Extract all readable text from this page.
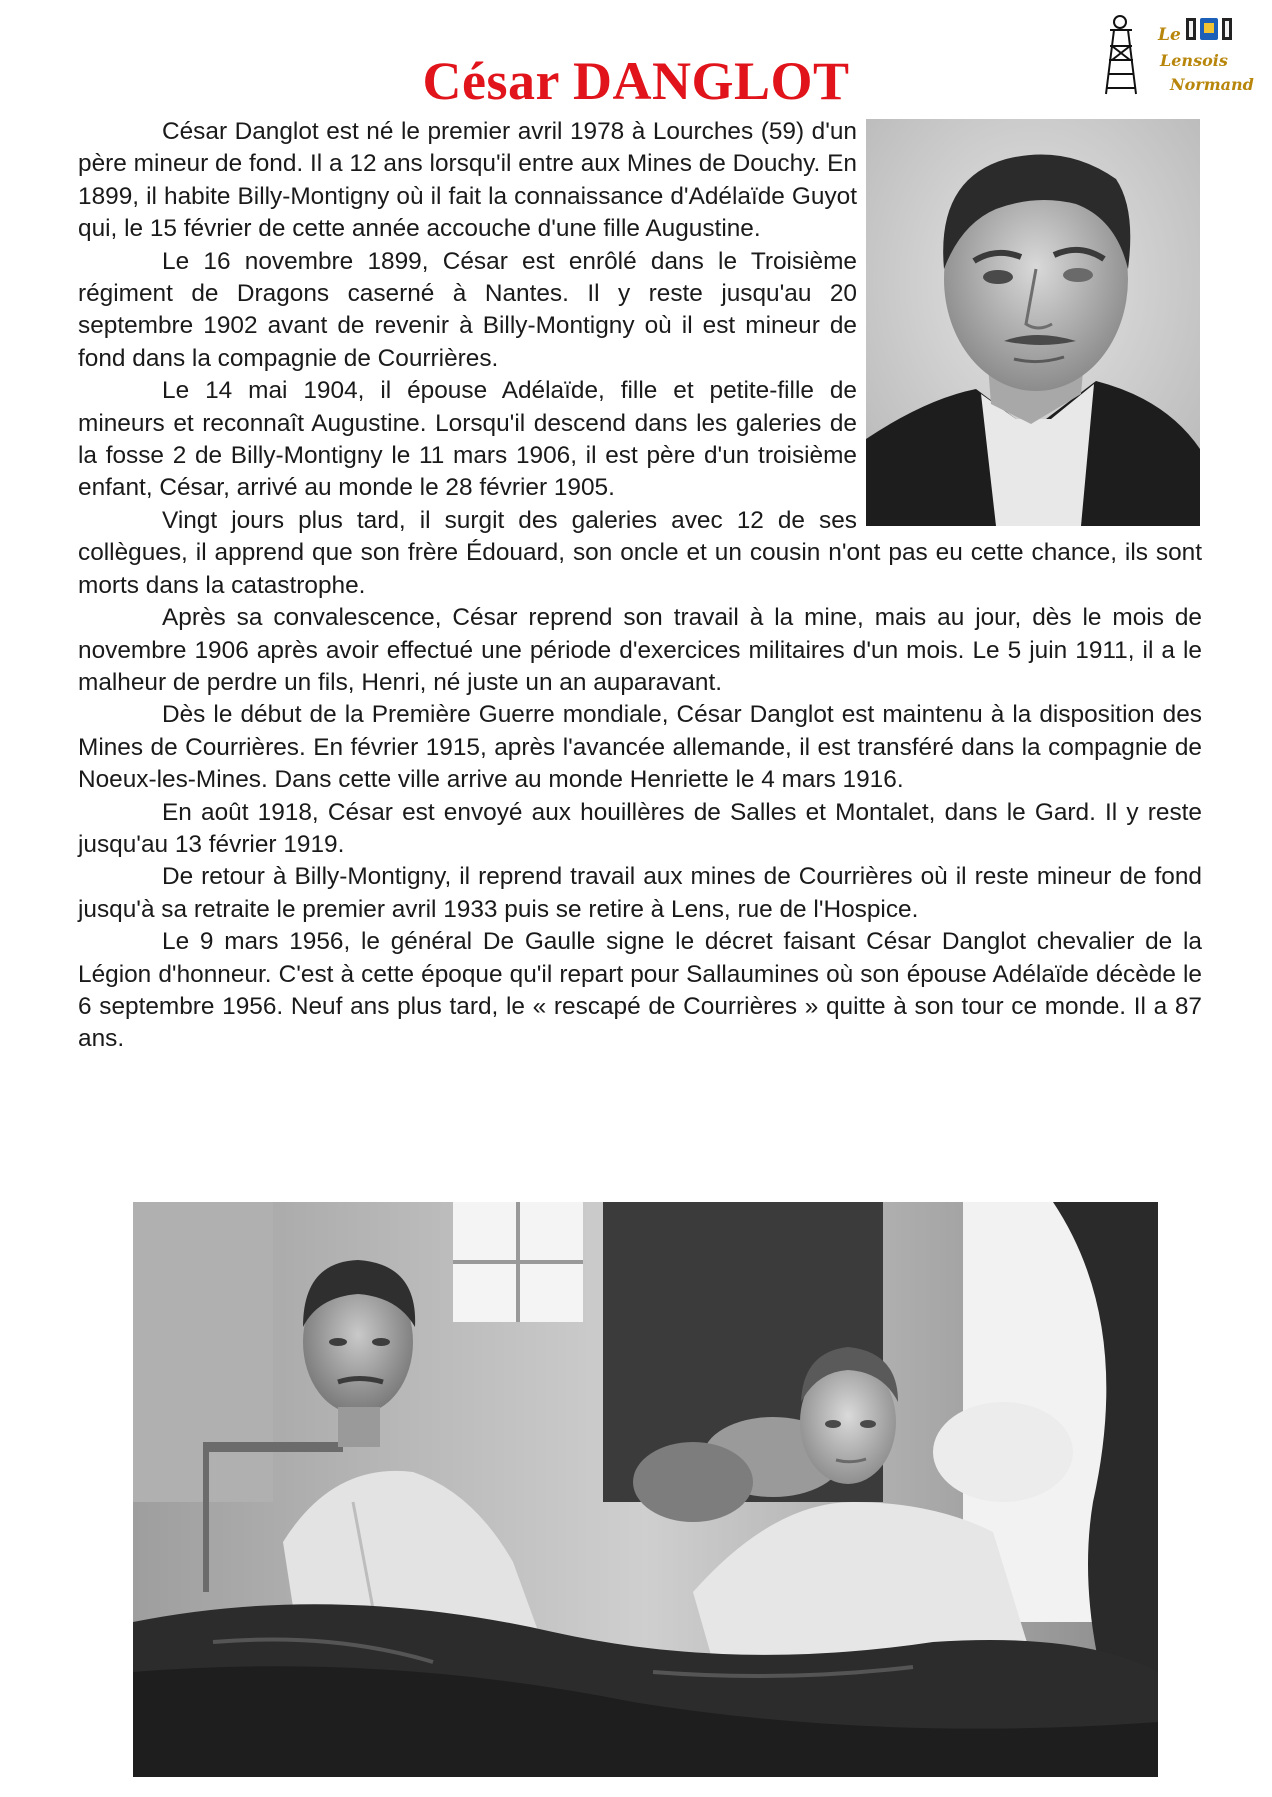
César DANGLOT
Le
Lensois
Normand

César Danglot est né le premier avril 1978 à Lourches (59) d'un père mineur de fond. Il a 12 ans lorsqu'il entre aux Mines de Douchy. En 1899, il habite Billy-Montigny où il fait la connaissance d'Adélaïde Guyot qui, le 15 février de cette année accouche d'une fille Augustine.

Le 16 novembre 1899, César est enrôlé dans le Troisième régiment de Dragons caserné à Nantes. Il y reste jusqu'au 20 septembre 1902 avant de revenir à Billy-Montigny où il est mineur de fond dans la compagnie de Courrières.

Le 14 mai 1904, il épouse Adélaïde, fille et petite-fille de mineurs et reconnaît Augustine. Lorsqu'il descend dans les galeries de la fosse 2 de Billy-Montigny le 11 mars 1906, il est père d'un troisième enfant, César, arrivé au monde le 28 février 1905.

Vingt jours plus tard, il surgit des galeries avec 12 de ses collègues, il apprend que son frère Édouard, son oncle et un cousin n'ont pas eu cette chance, ils sont morts dans la catastrophe.

Après sa convalescence, César reprend son travail à la mine, mais au jour, dès le mois de novembre 1906 après avoir effectué une période d'exercices militaires d'un mois. Le 5 juin 1911, il a le malheur de perdre un fils, Henri, né juste un an auparavant.

Dès le début de la Première Guerre mondiale, César Danglot est maintenu à la disposition des Mines de Courrières. En février 1915, après l'avancée allemande, il est transféré dans la compagnie de Noeux-les-Mines. Dans cette ville arrive au monde Henriette le 4 mars 1916.

En août 1918, César est envoyé aux houillères de Salles et Montalet, dans le Gard. Il y reste jusqu'au 13 février 1919.

De retour à Billy-Montigny, il reprend travail aux mines de Courrières où il reste mineur de fond jusqu'à sa retraite le premier avril 1933 puis se retire à Lens, rue de l'Hospice.

Le 9 mars 1956, le général De Gaulle signe le décret faisant César Danglot chevalier de la Légion d'honneur. C'est à cette époque qu'il repart pour Sallaumines où son épouse Adélaïde décède le 6 septembre 1956. Neuf ans plus tard, le « rescapé de Courrières » quitte à son tour ce monde. Il a 87 ans.
